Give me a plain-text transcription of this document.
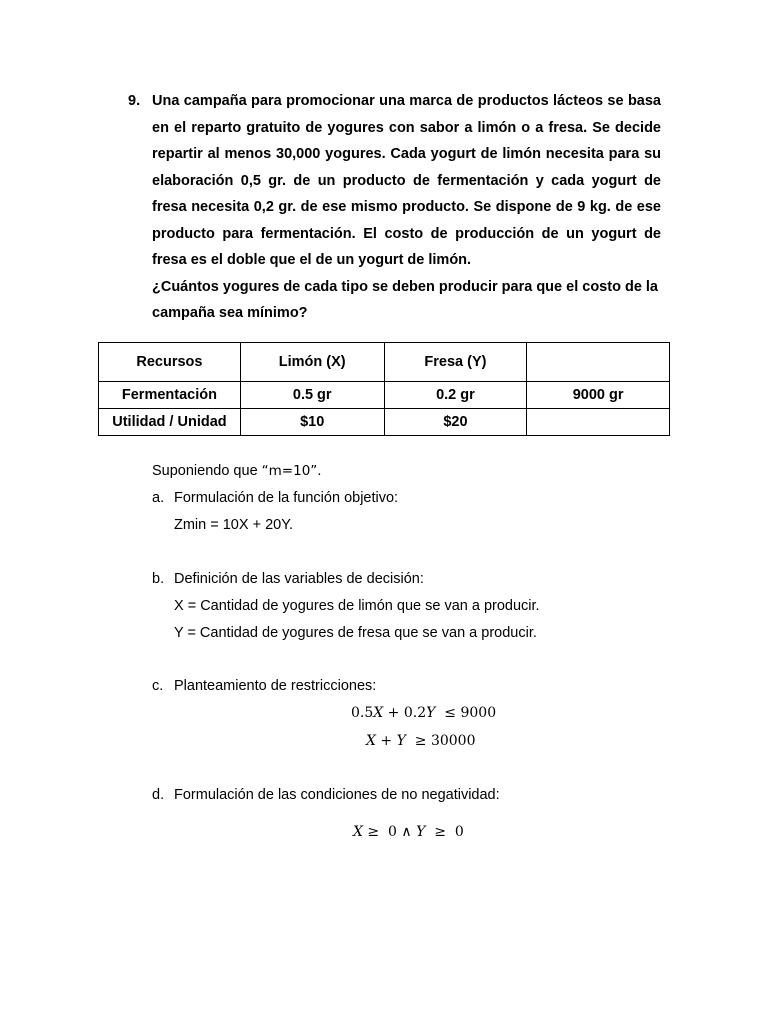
9. Una campaña para promocionar una marca de productos lácteos se basa en el reparto gratuito de yogures con sabor a limón o a fresa. Se decide repartir al menos 30,000 yogures. Cada yogurt de limón necesita para su elaboración 0,5 gr. de un producto de fermentación y cada yogurt de fresa necesita 0,2 gr. de ese mismo producto. Se dispone de 9 kg. de ese producto para fermentación. El costo de producción de un yogurt de fresa es el doble que el de un yogurt de limón.
¿Cuántos yogures de cada tipo se deben producir para que el costo de la campaña sea mínimo?
Recursos	Limón (X)	Fresa (Y)	
Fermentación	0.5 gr	0.2 gr	9000 gr
Utilidad / Unidad	$10	$20	
Suponiendo que “m=10”.
a. Formulación de la función objetivo:
Zmin = 10X + 20Y.
b. Definición de las variables de decisión:
X = Cantidad de yogures de limón que se van a producir.
Y = Cantidad de yogures de fresa que se van a producir.
c. Planteamiento de restricciones:
0.5X + 0.2Y  ≤ 9000
X + Y  ≥ 30000
d. Formulación de las condiciones de no negatividad:
X ≥  0 ∧ Y  ≥  0
